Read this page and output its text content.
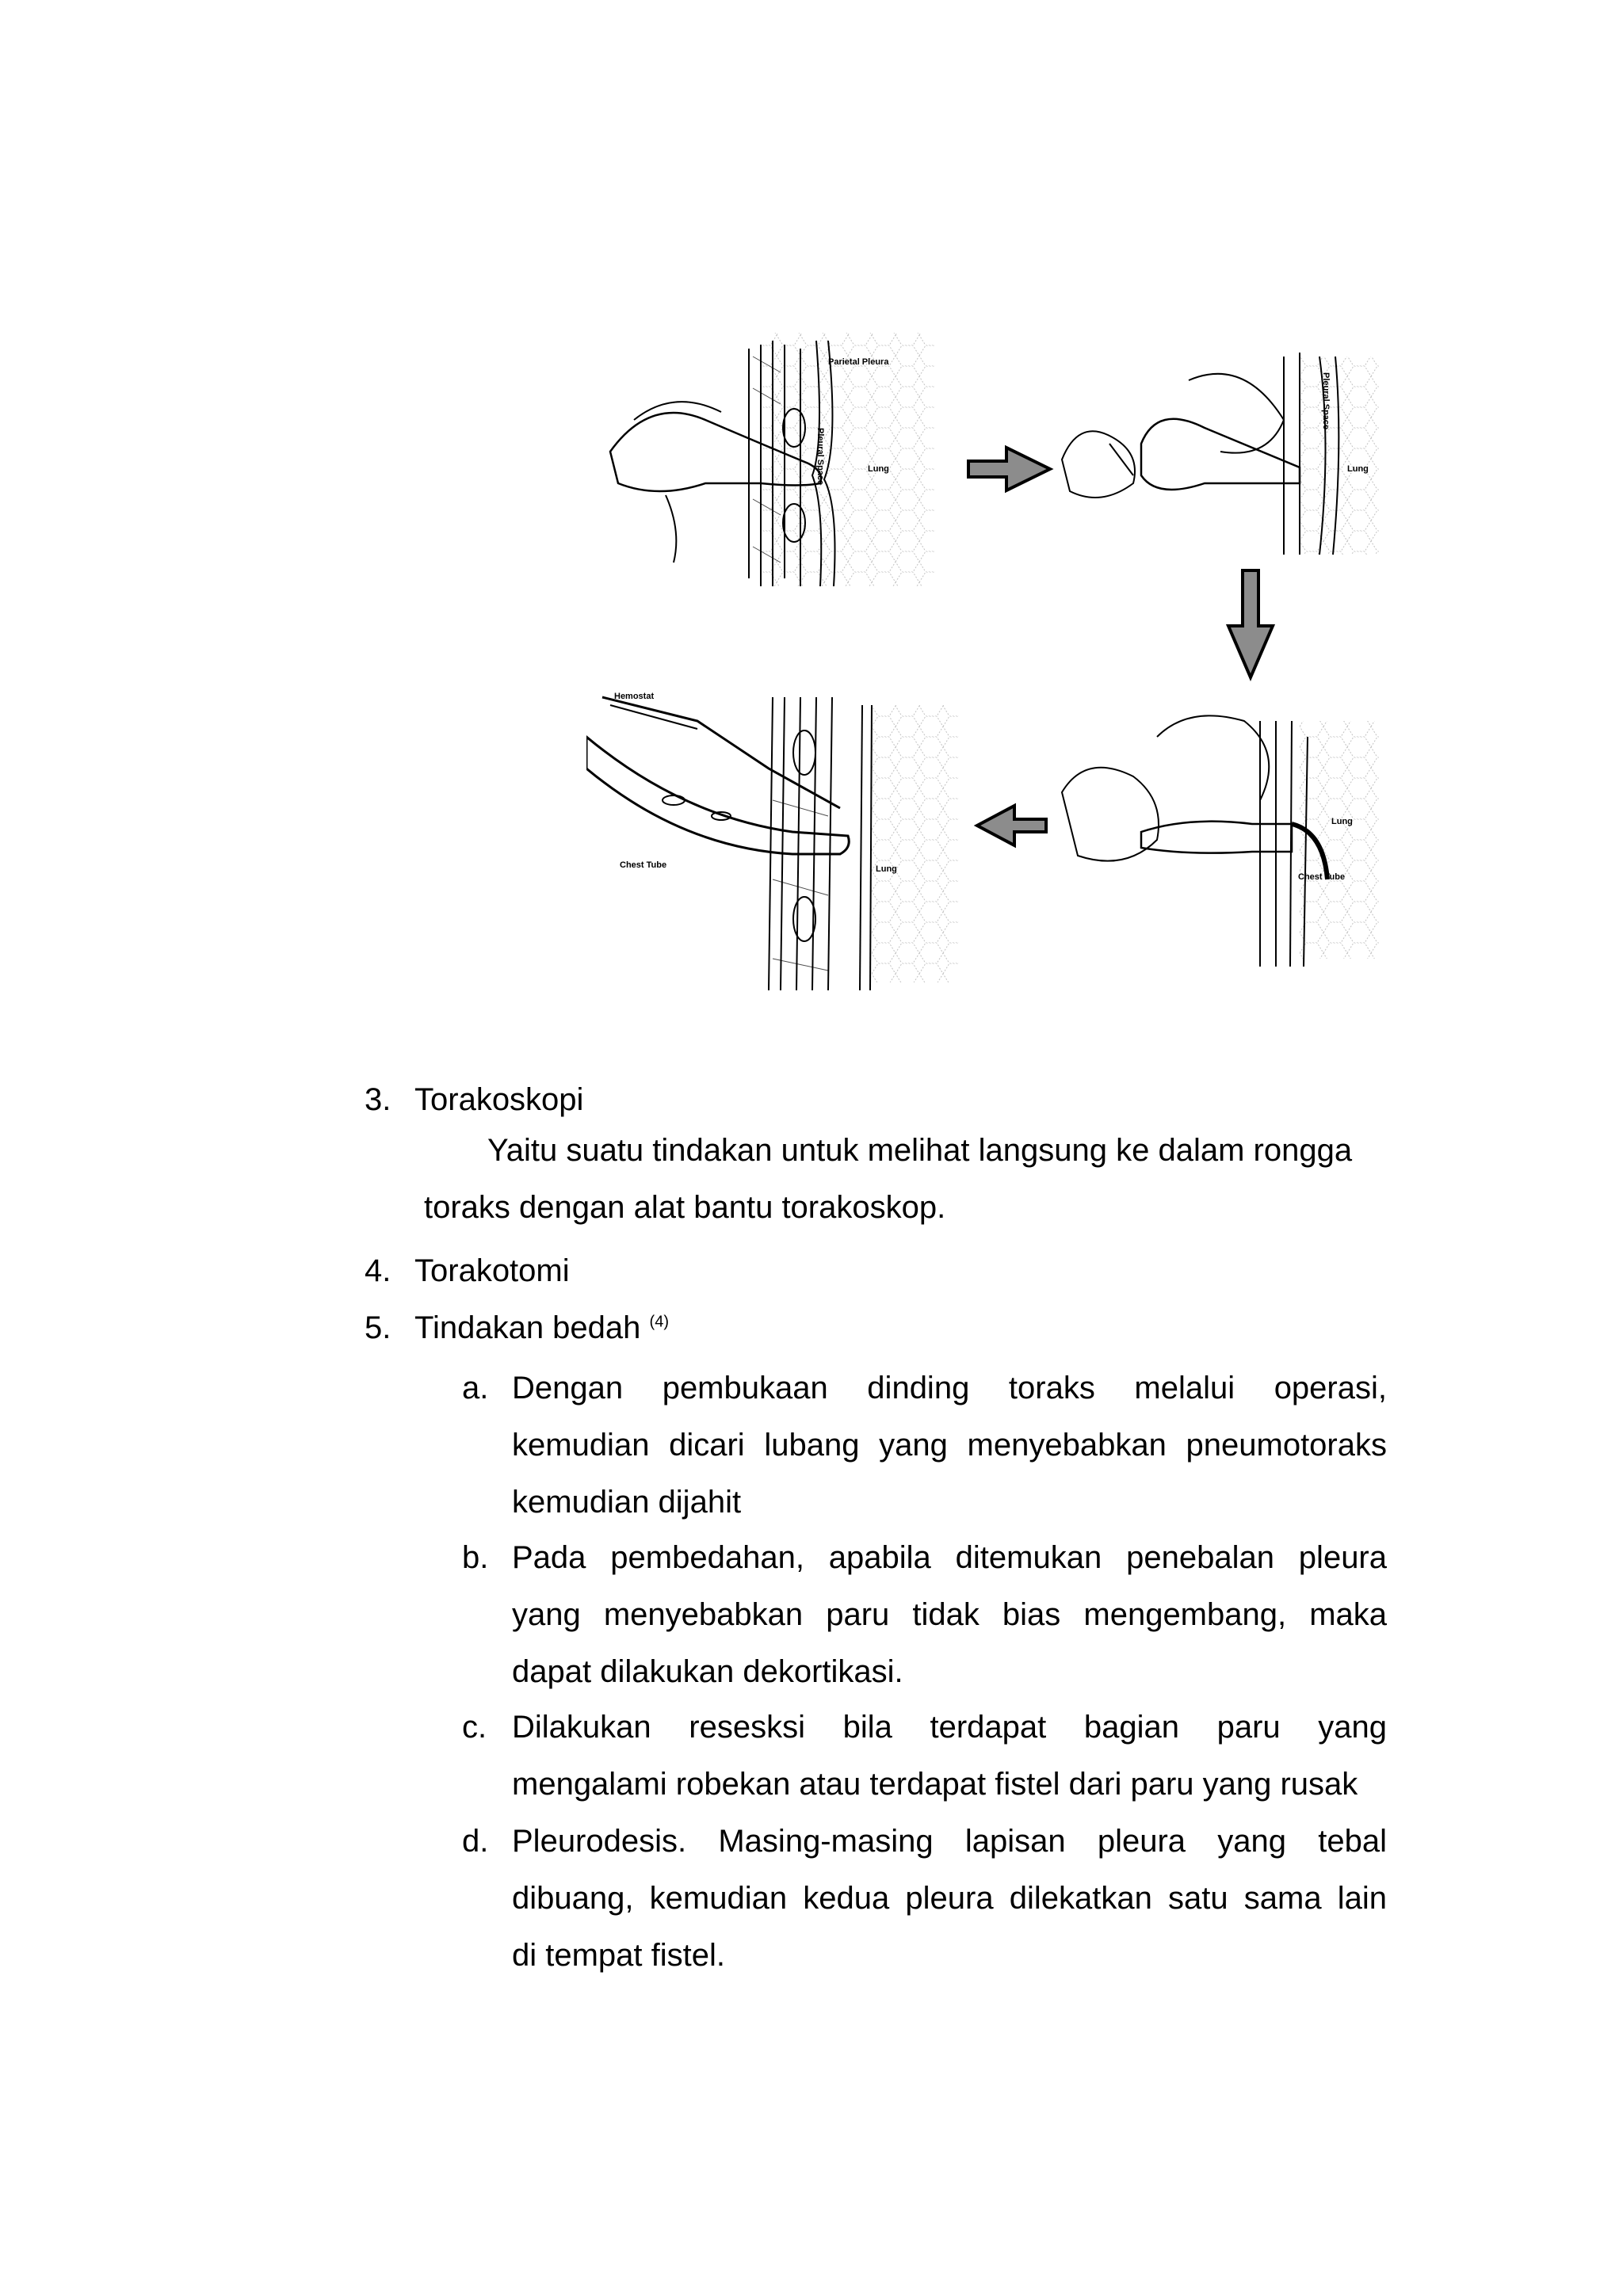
Parietal Pleura
Lung
Pleural Space
Pleural Space
Lung
Hemostat
Chest Tube	Lung
Lung
Chest Tube
3. Torakoskopi
Yaitu suatu tindakan untuk melihat langsung ke dalam rongga
toraks dengan alat bantu torakoskop.
4. Torakotomi
5. Tindakan bedah $^{(4)}$
a. Dengan pembukaan dinding toraks melalui operasi,
kemudian dicari lubang yang menyebabkan pneumotoraks
kemudian dijahit
b. Pada pembedahan, apabila ditemukan penebalan pleura
yang menyebabkan paru tidak bias mengembang, maka
dapat dilakukan dekortikasi.
c. Dilakukan resesksi bila terdapat bagian paru yang
mengalami robekan atau terdapat fistel dari paru yang rusak
d. Pleurodesis. Masing-masing lapisan pleura yang tebal
dibuang, kemudian kedua pleura dilekatkan satu sama lain
di tempat fistel.
